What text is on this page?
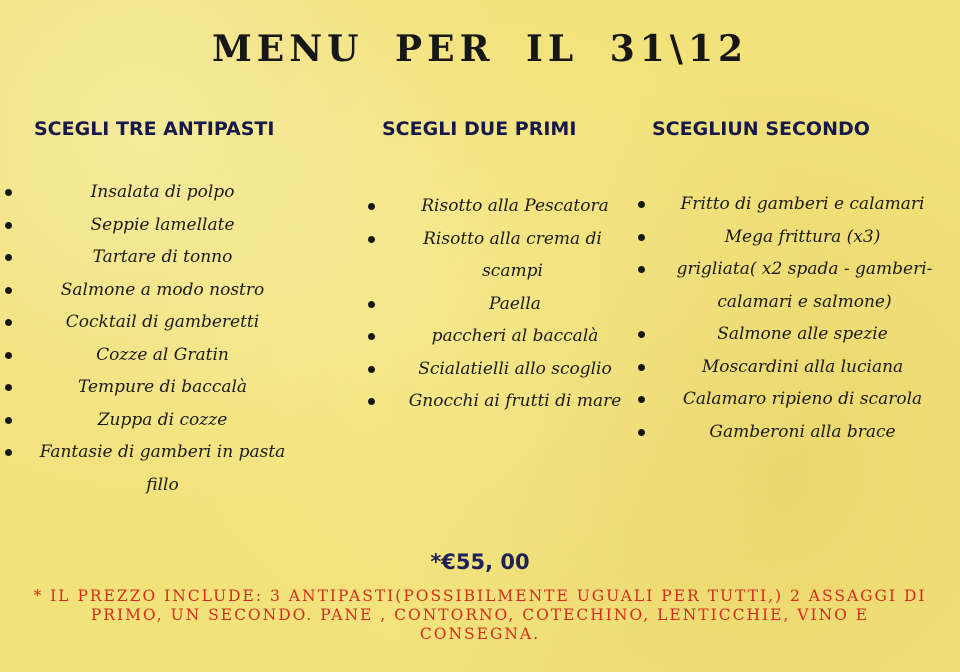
MENU PER IL 31\12
SCEGLI TRE ANTIPASTI
Insalata di polpo
Seppie lamellate
Tartare di tonno
Salmone a modo nostro
Cocktail di gamberetti
Cozze al Gratin
Tempure di baccalà
Zuppa di cozze
Fantasie di gamberi in pasta fillo
SCEGLI DUE PRIMI
Risotto alla Pescatora
Risotto alla crema di scampi
Paella
paccheri al baccalà
Scialatielli allo scoglio
Gnocchi ai frutti di mare
SCEGLIUN SECONDO
Fritto di gamberi e calamari
Mega frittura (x3)
grigliata( x2 spada - gamberi- calamari e salmone)
Salmone alle spezie
Moscardini alla luciana
Calamaro ripieno di scarola
Gamberoni alla brace
*€55, 00
* IL PREZZO INCLUDE: 3 ANTIPASTI(POSSIBILMENTE UGUALI PER TUTTI,) 2 ASSAGGI DI PRIMO, UN SECONDO. PANE , CONTORNO, COTECHINO, LENTICCHIE, VINO E CONSEGNA.
